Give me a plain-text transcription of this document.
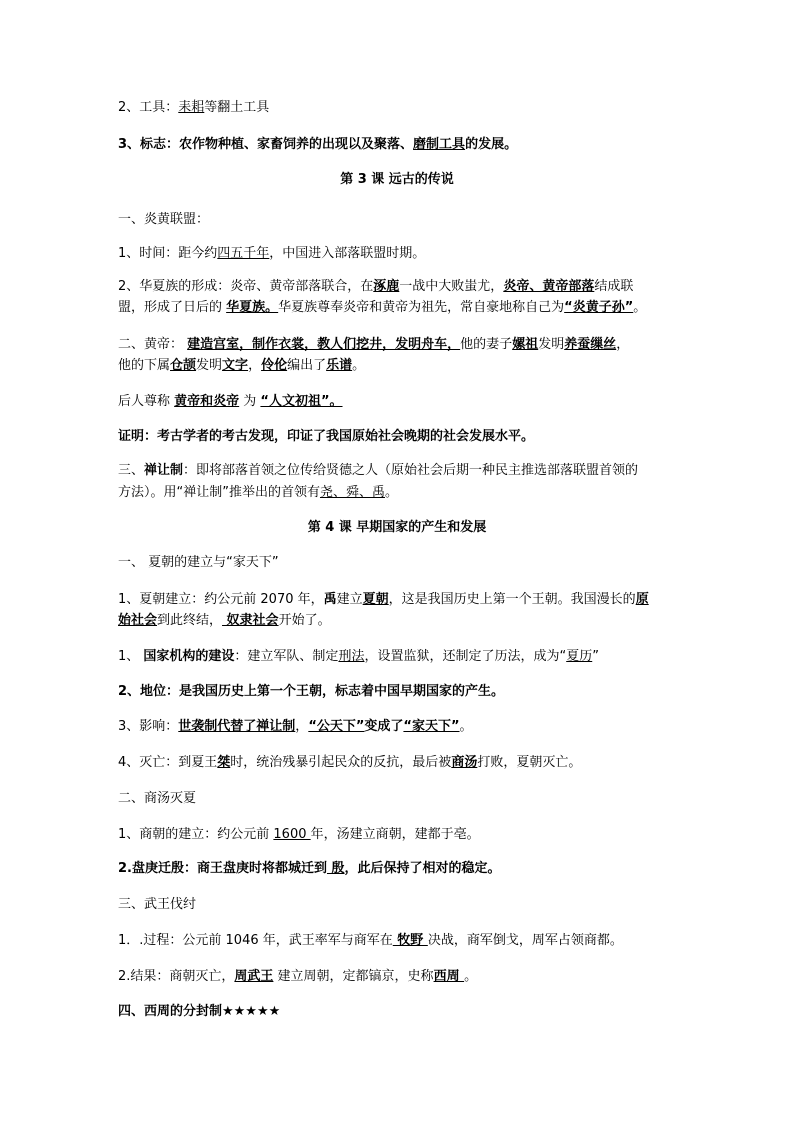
2、工具：耒耜等翻土工具
3、标志：农作物种植、家畜饲养的出现以及聚落、磨制工具的发展。
一、炎黄联盟：
1、时间：距今约四五千年，中国进入部落联盟时期。
2、华夏族的形成：炎帝、黄帝部落联合，在涿鹿一战中大败蚩尤，炎帝、黄帝部落结成联
盟，形成了日后的 华夏族。华夏族尊奉炎帝和黄帝为祖先，常自豪地称自己为“炎黄子孙”。
二、黄帝： 建造宫室，制作衣裳，教人们挖井，发明舟车，他的妻子嫘祖发明养蚕缫丝，
他的下属仓颉发明文字，伶伦编出了乐谱。
后人尊称 黄帝和炎帝 为 “人文初祖”。
证明：考古学者的考古发现，印证了我国原始社会晚期的社会发展水平。
三、禅让制：即将部落首领之位传给贤德之人（原始社会后期一种民主推选部落联盟首领的
方法）。用“禅让制”推举出的首领有尧、舜、禹。
一、 夏朝的建立与“家天下”
1、夏朝建立：约公元前 2070 年，禹建立夏朝，这是我国历史上第一个王朝。我国漫长的原
始社会到此终结， 奴隶社会开始了。
1、 国家机构的建设：建立军队、制定刑法，设置监狱，还制定了历法，成为“夏历”
2、地位：是我国历史上第一个王朝，标志着中国早期国家的产生。
3、影响：世袭制代替了禅让制，“公天下”变成了“家天下”。
4、灭亡：到夏王桀时，统治残暴引起民众的反抗，最后被商汤打败，夏朝灭亡。
二、商汤灭夏
1、商朝的建立：约公元前 1600 年，汤建立商朝，建都于亳。
2.盘庚迁殷：商王盘庚时将都城迁到 殷，此后保持了相对的稳定。
三、武王伐纣
1．.过程：公元前 1046 年，武王率军与商军在 牧野 决战，商军倒戈，周军占领商都。
2.结果：商朝灭亡，周武王 建立周朝，定都镐京，史称西周 。
四、西周的分封制★★★★★
第 3 课 远古的传说
第 4 课 早期国家的产生和发展
